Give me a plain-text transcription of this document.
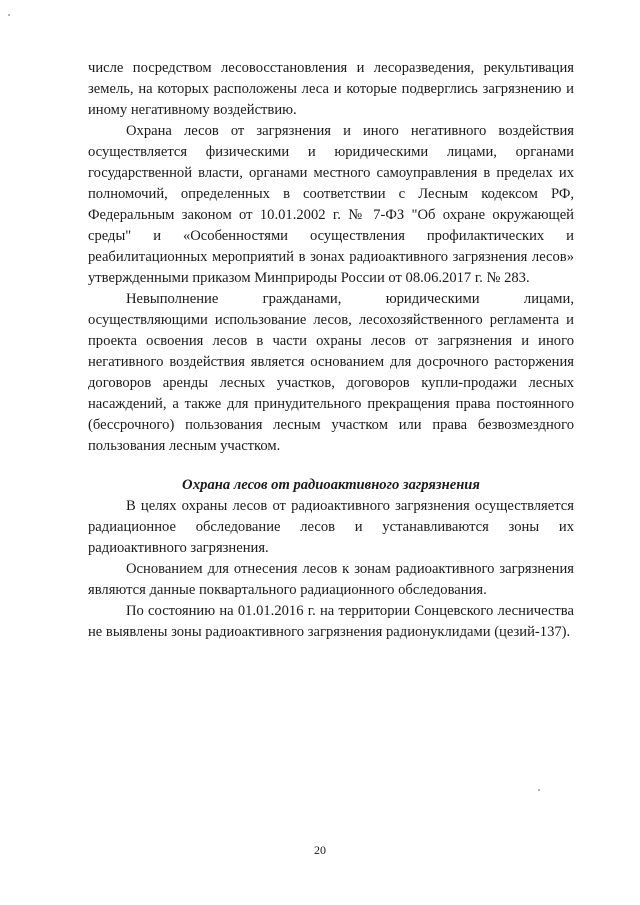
числе посредством лесовосстановления и лесоразведения, рекультивация земель, на которых расположены леса и которые подверглись загрязнению и иному негативному воздействию.

Охрана лесов от загрязнения и иного негативного воздействия осуществляется физическими и юридическими лицами, органами государственной власти, органами местного самоуправления в пределах их полномочий, определенных в соответствии с Лесным кодексом РФ, Федеральным законом от 10.01.2002 г. № 7-ФЗ "Об охране окружающей среды" и «Особенностями осуществления профилактических и реабилитационных мероприятий в зонах радиоактивного загрязнения лесов» утвержденными приказом Минприроды России от 08.06.2017 г. № 283.

Невыполнение гражданами, юридическими лицами, осуществляющими использование лесов, лесохозяйственного регламента и проекта освоения лесов в части охраны лесов от загрязнения и иного негативного воздействия является основанием для досрочного расторжения договоров аренды лесных участков, договоров купли-продажи лесных насаждений, а также для принудительного прекращения права постоянного (бессрочного) пользования лесным участком или права безвозмездного пользования лесным участком.

Охрана лесов от радиоактивного загрязнения

В целях охраны лесов от радиоактивного загрязнения осуществляется радиационное обследование лесов и устанавливаются зоны их радиоактивного загрязнения.

Основанием для отнесения лесов к зонам радиоактивного загрязнения являются данные поквартального радиационного обследования.

По состоянию на 01.01.2016 г. на территории Сонцевского лесничества не выявлены зоны радиоактивного загрязнения радионуклидами (цезий-137).

20
